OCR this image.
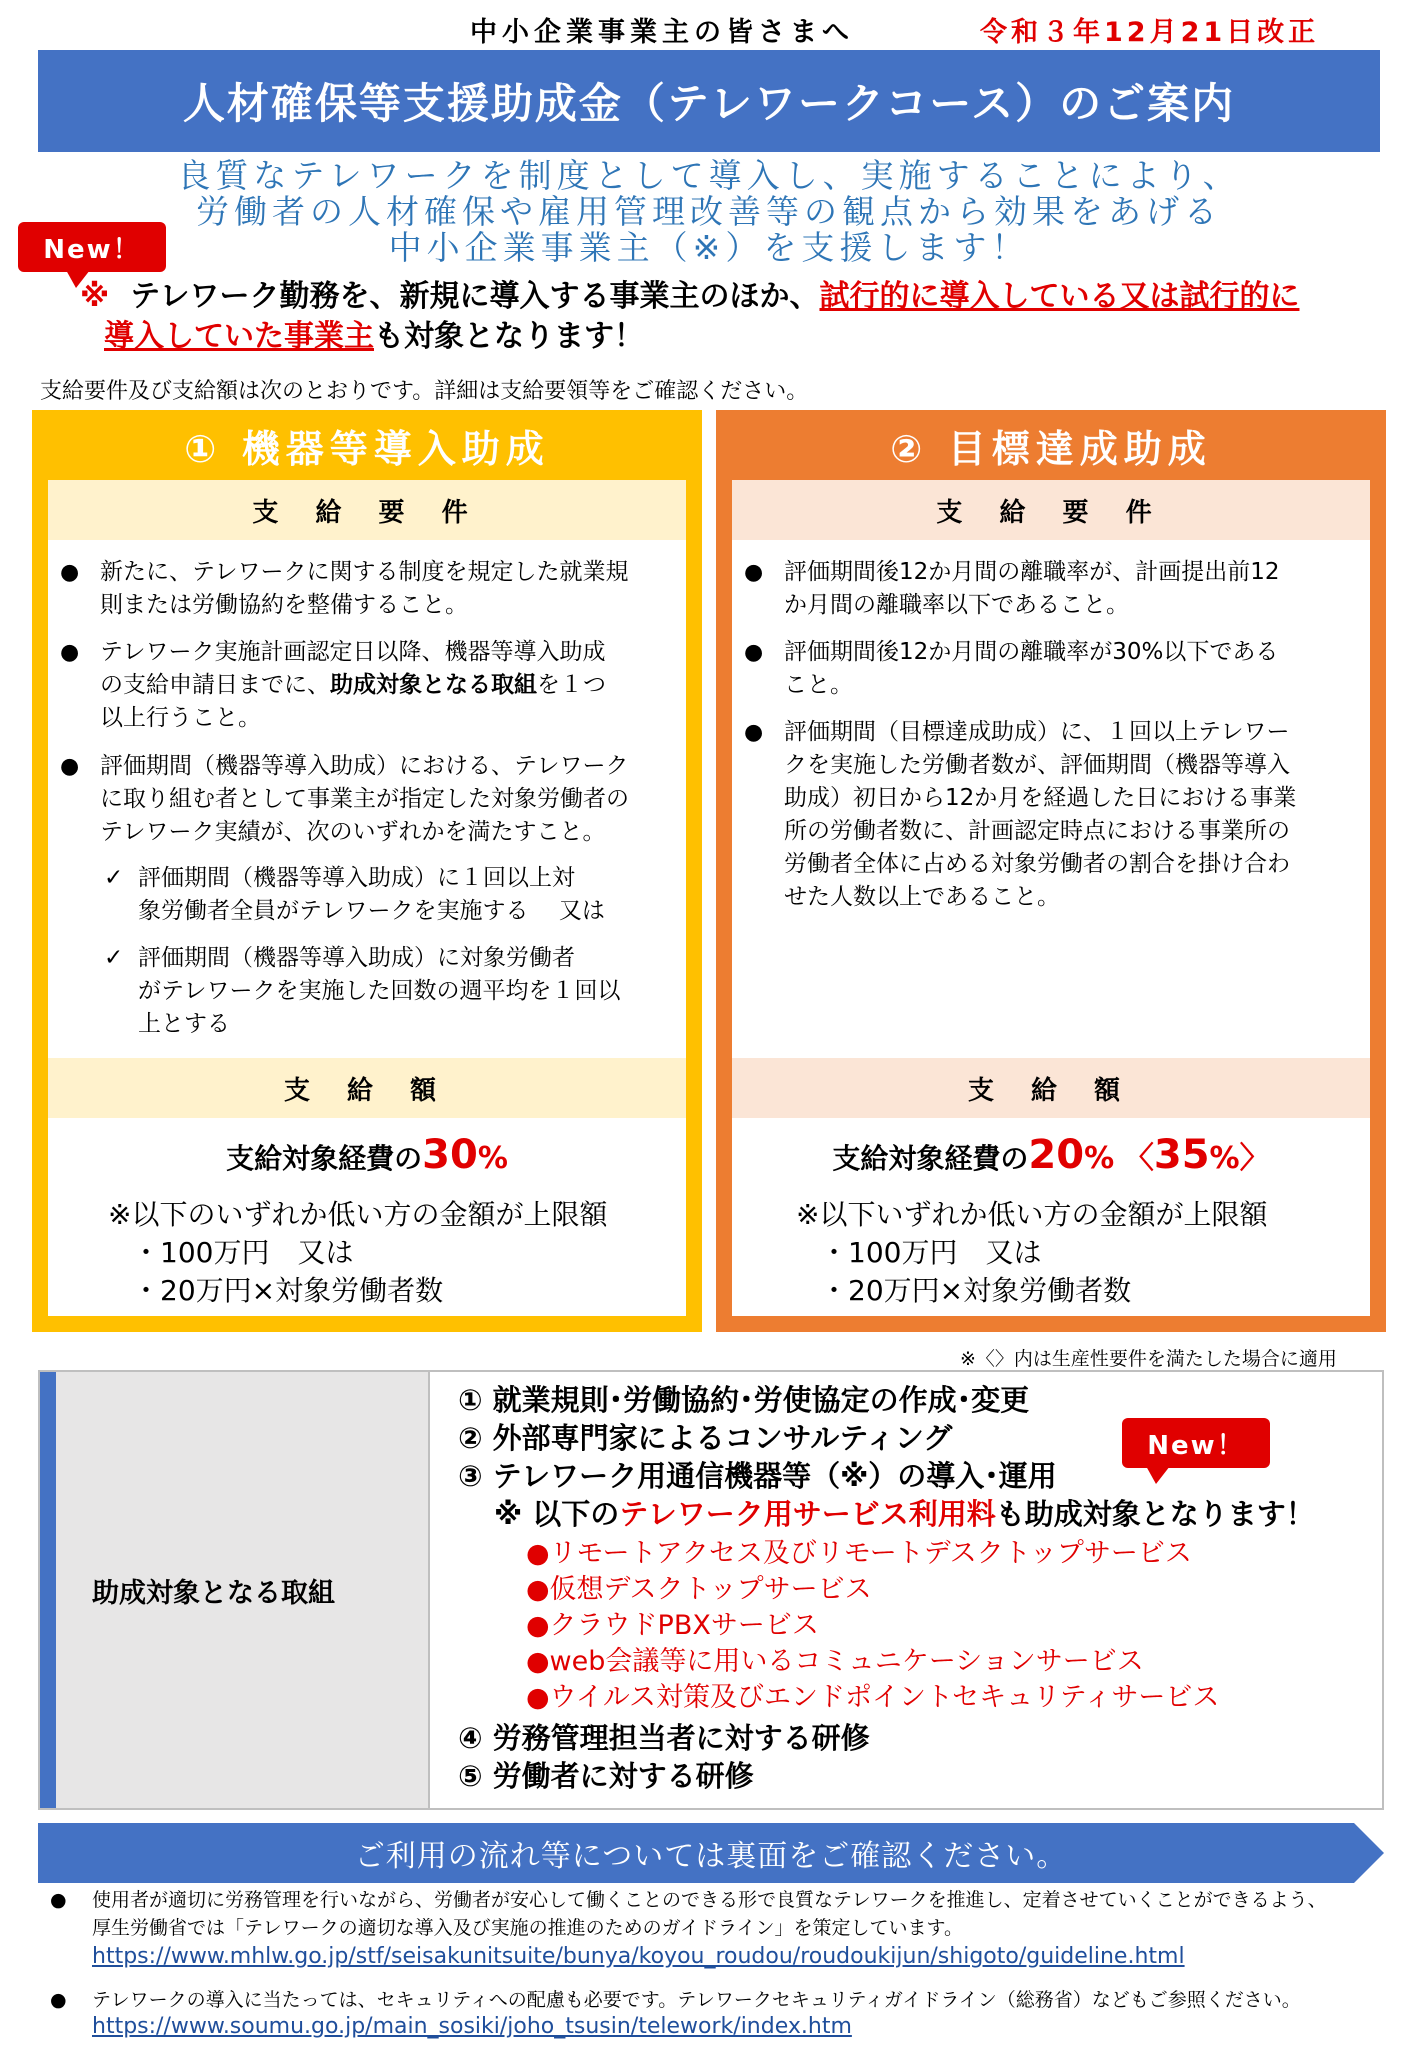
中小企業事業主の皆さまへ	令和３年12月21日改正
人材確保等支援助成金（テレワークコース）のご案内
良質なテレワークを制度として導入し、実施することにより、
労働者の人材確保や雇用管理改善等の観点から効果をあげる
中小企業事業主（※）を支援します！
New！
※ テレワーク勤務を、新規に導入する事業主のほか、試行的に導入している又は試行的に
導入していた事業主も対象となります！
支給要件及び支給額は次のとおりです。詳細は支給要領等をご確認ください。
① 機器等導入助成
支 給 要 件
● 新たに、テレワークに関する制度を規定した就業規
則または労働協約を整備すること。
● テレワーク実施計画認定日以降、機器等導入助成
の支給申請日までに、助成対象となる取組を１つ
以上行うこと。
● 評価期間（機器等導入助成）における、テレワーク
に取り組む者として事業主が指定した対象労働者の
テレワーク実績が、次のいずれかを満たすこと。
✓ 評価期間（機器等導入助成）に１回以上対
象労働者全員がテレワークを実施する　 又は
✓ 評価期間（機器等導入助成）に対象労働者
がテレワークを実施した回数の週平均を１回以
上とする
支 給 額
支給対象経費の30%
※以下のいずれか低い方の金額が上限額
・100万円　又は
・20万円×対象労働者数
② 目標達成助成
支 給 要 件
● 評価期間後12か月間の離職率が、計画提出前12
か月間の離職率以下であること。
● 評価期間後12か月間の離職率が30%以下である
こと。
● 評価期間（目標達成助成）に、１回以上テレワー
クを実施した労働者数が、評価期間（機器等導入
助成）初日から12か月を経過した日における事業
所の労働者数に、計画認定時点における事業所の
労働者全体に占める対象労働者の割合を掛け合わ
せた人数以上であること。
支 給 額
支給対象経費の20% 〈35%〉
※以下いずれか低い方の金額が上限額
・100万円　又は
・20万円×対象労働者数
※〈〉内は生産性要件を満たした場合に適用
助成対象となる取組
① 就業規則･労働協約･労使協定の作成･変更
② 外部専門家によるコンサルティング
③ テレワーク用通信機器等（※）の導入･運用
※ 以下のテレワーク用サービス利用料も助成対象となります！
●リモートアクセス及びリモートデスクトップサービス
●仮想デスクトップサービス
●クラウドPBXサービス
●web会議等に用いるコミュニケーションサービス
●ウイルス対策及びエンドポイントセキュリティサービス
④ 労務管理担当者に対する研修
⑤ 労働者に対する研修
New！
ご利用の流れ等については裏面をご確認ください。
● 使用者が適切に労務管理を行いながら、労働者が安心して働くことのできる形で良質なテレワークを推進し、定着させていくことができるよう、
厚生労働省では「テレワークの適切な導入及び実施の推進のためのガイドライン」を策定しています。
https://www.mhlw.go.jp/stf/seisakunitsuite/bunya/koyou_roudou/roudoukijun/shigoto/guideline.html
● テレワークの導入に当たっては、セキュリティへの配慮も必要です。テレワークセキュリティガイドライン（総務省）などもご参照ください。
https://www.soumu.go.jp/main_sosiki/joho_tsusin/telework/index.htm
